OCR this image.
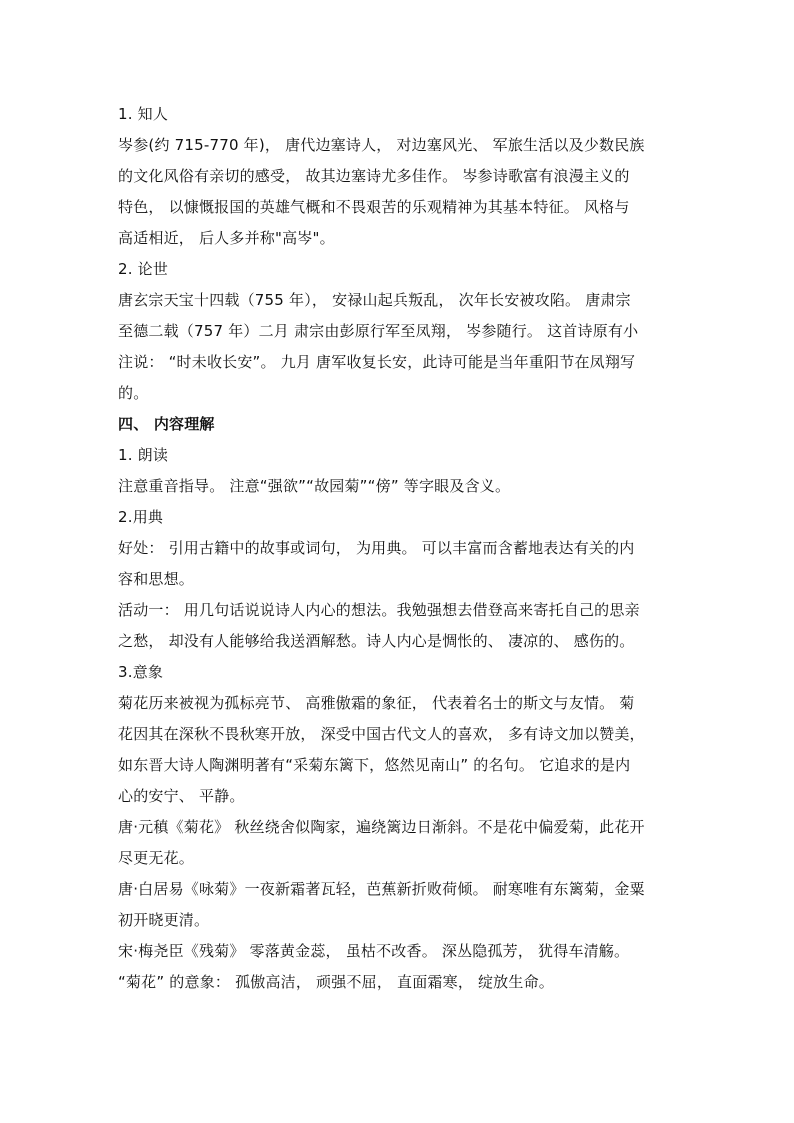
1. 知人
岑参(约 715-770 年)， 唐代边塞诗人， 对边塞风光、 军旅生活以及少数民族
的文化风俗有亲切的感受， 故其边塞诗尤多佳作。 岑参诗歌富有浪漫主义的
特色， 以慷慨报国的英雄气概和不畏艰苦的乐观精神为其基本特征。 风格与
高适相近， 后人多并称"高岑"。
2. 论世
唐玄宗天宝十四载（755 年）， 安禄山起兵叛乱， 次年长安被攻陷。 唐肃宗
至德二载（757 年）二月 肃宗由彭原行军至凤翔， 岑参随行。 这首诗原有小
注说： “时未收长安”。 九月 唐军收复长安，此诗可能是当年重阳节在凤翔写
的。
四、 内容理解
1. 朗读
注意重音指导。 注意“强欲”“故园菊”“傍” 等字眼及含义。
2.用典
好处： 引用古籍中的故事或词句， 为用典。 可以丰富而含蓄地表达有关的内
容和思想。
活动一： 用几句话说说诗人内心的想法。我勉强想去借登高来寄托自己的思亲
之愁， 却没有人能够给我送酒解愁。诗人内心是惆怅的、 凄凉的、 感伤的。
3.意象
菊花历来被视为孤标亮节、 高雅傲霜的象征， 代表着名士的斯文与友情。 菊
花因其在深秋不畏秋寒开放， 深受中国古代文人的喜欢， 多有诗文加以赞美，
如东晋大诗人陶渊明著有“采菊东篱下，悠然见南山” 的名句。 它追求的是内
心的安宁、 平静。
唐·元稹《菊花》 秋丝绕舍似陶家，遍绕篱边日渐斜。不是花中偏爱菊，此花开
尽更无花。
唐·白居易《咏菊》一夜新霜著瓦轻，芭蕉新折败荷倾。 耐寒唯有东篱菊，金粟
初开晓更清。
宋·梅尧臣《残菊》 零落黄金蕊， 虽枯不改香。 深丛隐孤芳， 犹得车清觞。
“菊花” 的意象： 孤傲高洁， 顽强不屈， 直面霜寒， 绽放生命。
